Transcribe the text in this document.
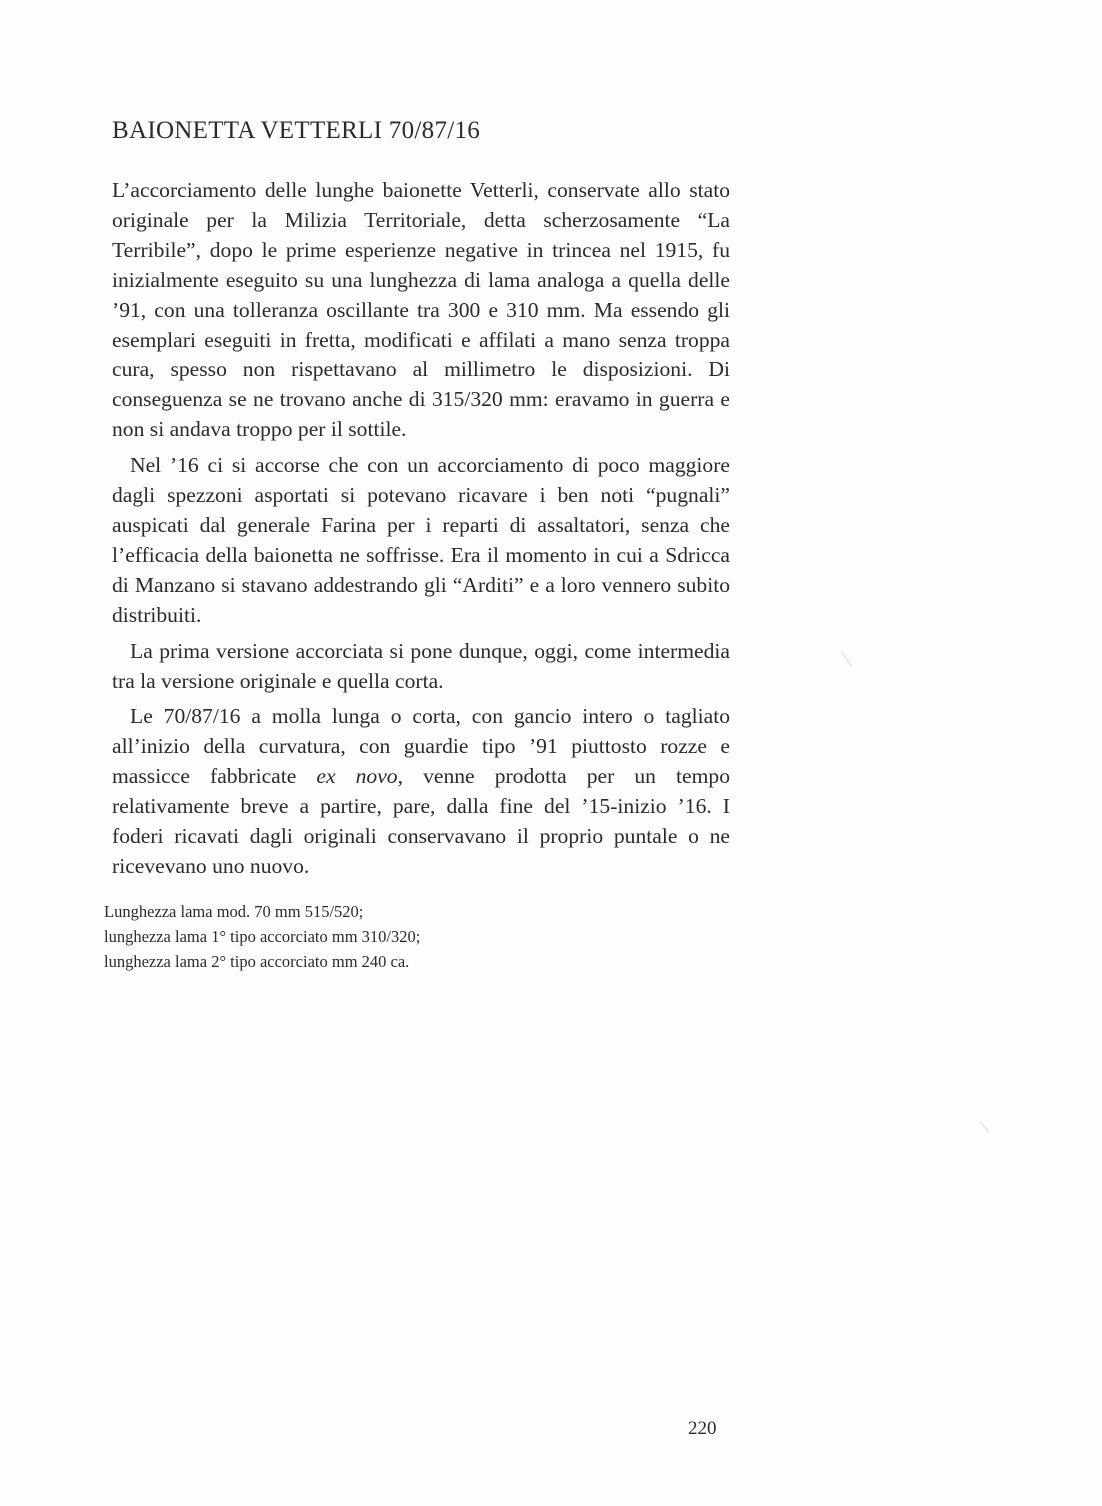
BAIONETTA VETTERLI 70/87/16

L’accorciamento delle lunghe baionette Vetterli, conservate allo stato originale per la Milizia Territoriale, detta scherzosamente “La Terribile”, dopo le prime esperienze negative in trincea nel 1915, fu inizialmente eseguito su una lunghezza di lama analoga a quella delle ’91, con una tolleranza oscillante tra 300 e 310 mm. Ma essendo gli esemplari eseguiti in fretta, modificati e affilati a mano senza troppa cura, spesso non rispettavano al millimetro le disposizioni. Di conseguenza se ne trovano anche di 315/320 mm: eravamo in guerra e non si andava troppo per il sottile.

Nel ’16 ci si accorse che con un accorciamento di poco maggiore dagli spezzoni asportati si potevano ricavare i ben noti “pugnali” auspicati dal generale Farina per i reparti di assaltatori, senza che l’efficacia della baionetta ne soffrisse. Era il momento in cui a Sdricca di Manzano si stavano addestrando gli “Arditi” e a loro vennero subito distribuiti.

La prima versione accorciata si pone dunque, oggi, come intermedia tra la versione originale e quella corta.

Le 70/87/16 a molla lunga o corta, con gancio intero o tagliato all’inizio della curvatura, con guardie tipo ’91 piuttosto rozze e massicce fabbricate ex novo, venne prodotta per un tempo relativamente breve a partire, pare, dalla fine del ’15-inizio ’16. I foderi ricavati dagli originali conservavano il proprio puntale o ne ricevevano uno nuovo.

Lunghezza lama mod. 70 mm 515/520;
lunghezza lama 1° tipo accorciato mm 310/320;
lunghezza lama 2° tipo accorciato mm 240 ca.
220
